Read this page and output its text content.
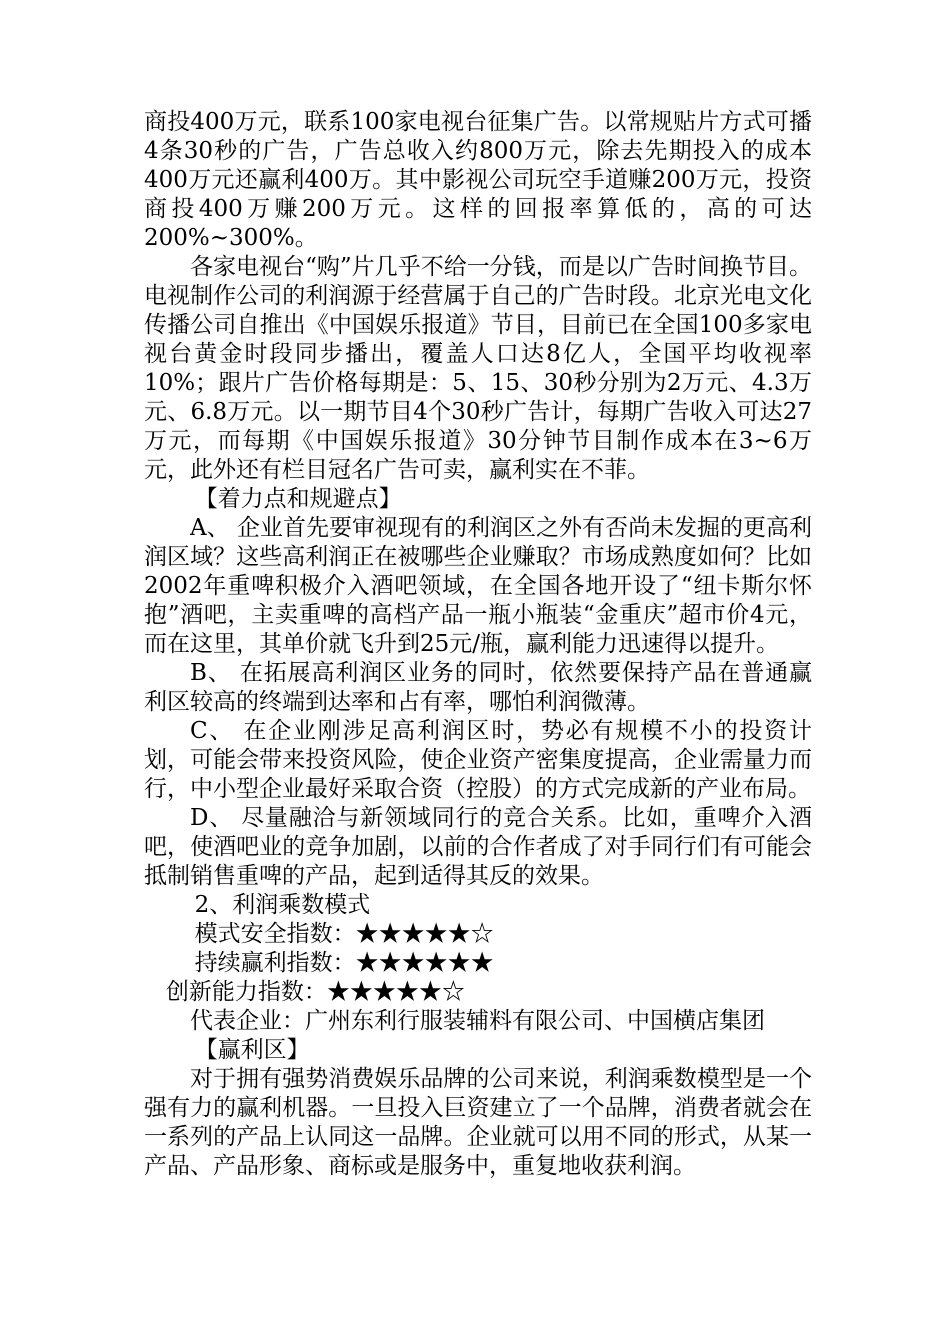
商投400万元，联系100家电视台征集广告。以常规贴片方式可播4条30秒的广告，广告总收入约800万元，除去先期投入的成本400万元还赢利400万。其中影视公司玩空手道赚200万元，投资商投400万赚200万元。这样的回报率算低的，高的可达200%~300%。

各家电视台“购”片几乎不给一分钱，而是以广告时间换节目。电视制作公司的利润源于经营属于自己的广告时段。北京光电文化传播公司自推出《中国娱乐报道》节目，目前已在全国100多家电视台黄金时段同步播出，覆盖人口达8亿人，全国平均收视率10%；跟片广告价格每期是：5、15、30秒分别为2万元、4.3万元、6.8万元。以一期节目4个30秒广告计，每期广告收入可达27万元，而每期《中国娱乐报道》30分钟节目制作成本在3~6万元，此外还有栏目冠名广告可卖，赢利实在不菲。

【着力点和规避点】

A、 企业首先要审视现有的利润区之外有否尚未发掘的更高利润区域？这些高利润正在被哪些企业赚取？市场成熟度如何？比如2002年重啤积极介入酒吧领域，在全国各地开设了“纽卡斯尔怀抱”酒吧，主卖重啤的高档产品一瓶小瓶装“金重庆”超市价4元，而在这里，其单价就飞升到25元/瓶，赢利能力迅速得以提升。

B、 在拓展高利润区业务的同时，依然要保持产品在普通赢利区较高的终端到达率和占有率，哪怕利润微薄。

C、 在企业刚涉足高利润区时，势必有规模不小的投资计划，可能会带来投资风险，使企业资产密集度提高，企业需量力而行，中小型企业最好采取合资（控股）的方式完成新的产业布局。

D、 尽量融洽与新领域同行的竞合关系。比如，重啤介入酒吧，使酒吧业的竞争加剧，以前的合作者成了对手同行们有可能会抵制销售重啤的产品，起到适得其反的效果。

2、利润乘数模式

模式安全指数：★★★★★☆

持续赢利指数：★★★★★★

创新能力指数：★★★★★☆

代表企业：广州东利行服装辅料有限公司、中国横店集团

【赢利区】

对于拥有强势消费娱乐品牌的公司来说，利润乘数模型是一个强有力的赢利机器。一旦投入巨资建立了一个品牌，消费者就会在一系列的产品上认同这一品牌。企业就可以用不同的形式，从某一产品、产品形象、商标或是服务中，重复地收获利润。
